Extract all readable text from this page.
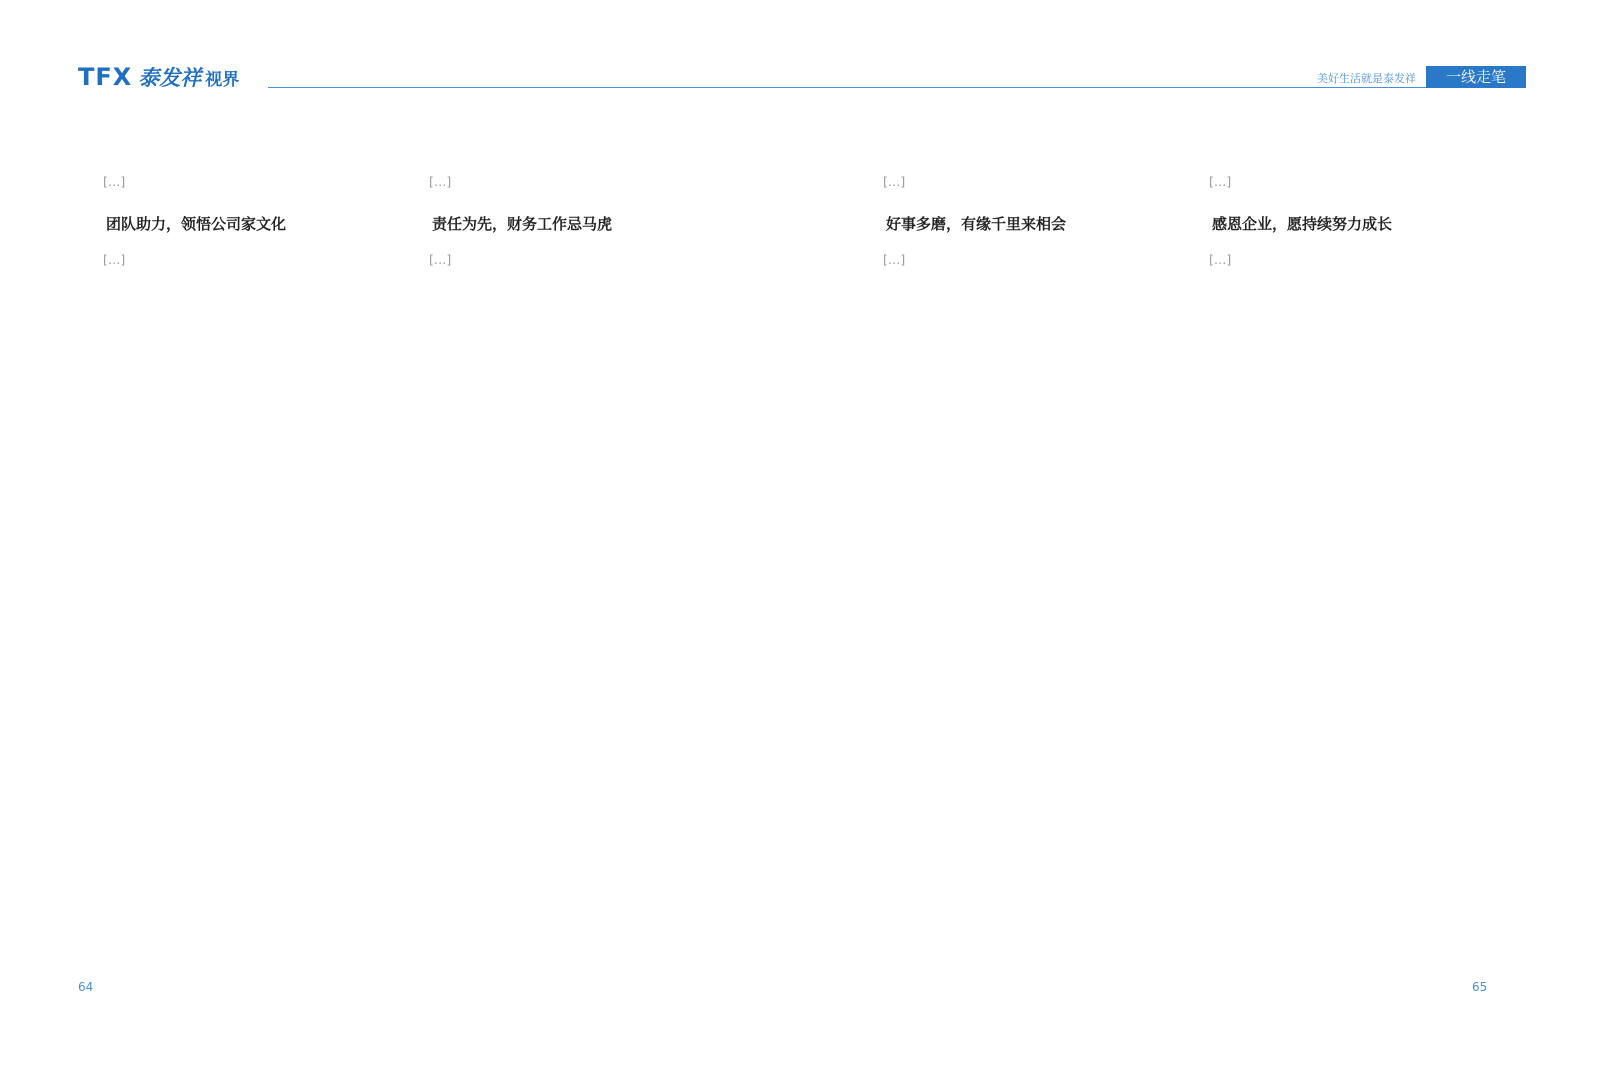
TFX 泰发祥 视界	美好生活就是泰发祥	一线走笔

[…]

团队助力，领悟公司家文化

[…]

[…]

责任为先，财务工作忌马虎

[…]

[…]

好事多磨，有缘千里来相会

[…]

[…]

感恩企业，愿持续努力成长

[…]

64	65
